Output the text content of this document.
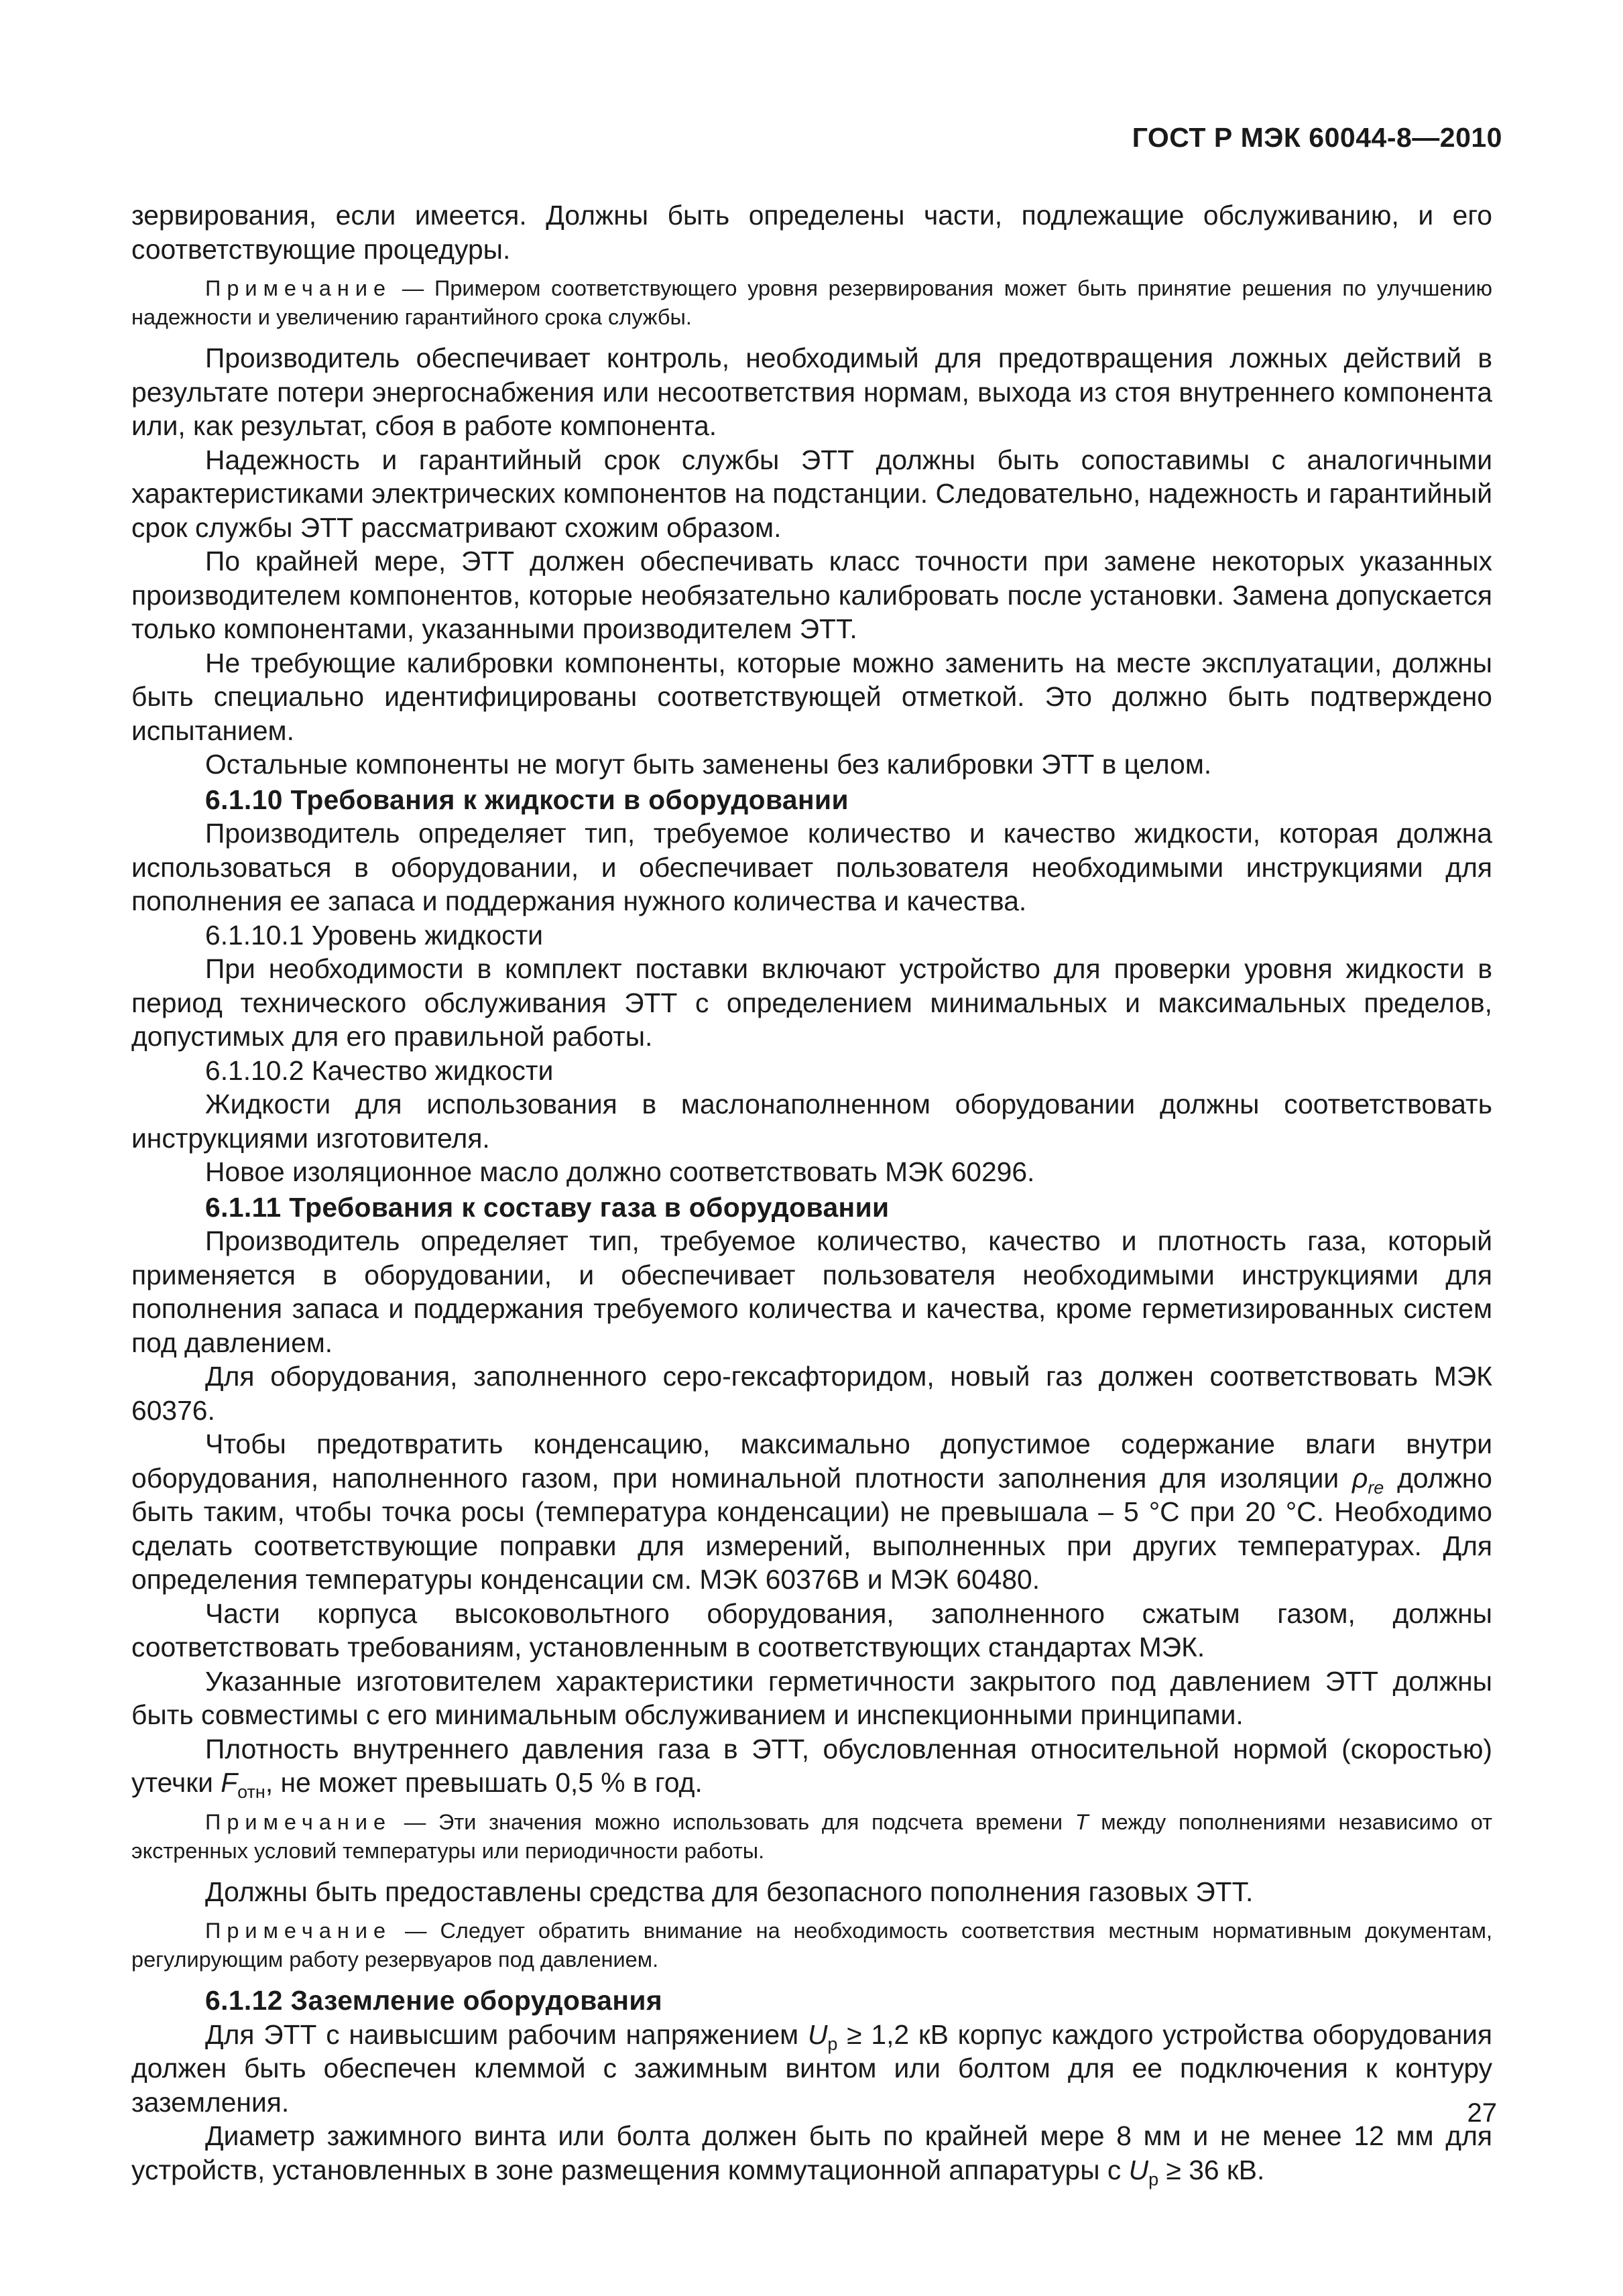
ГОСТ Р МЭК 60044-8—2010

зервирования, если имеется. Должны быть определены части, подлежащие обслуживанию, и его соответствующие процедуры.

Примечание — Примером соответствующего уровня резервирования может быть принятие решения по улучшению надежности и увеличению гарантийного срока службы.

Производитель обеспечивает контроль, необходимый для предотвращения ложных действий в результате потери энергоснабжения или несоответствия нормам, выхода из стоя внутреннего компонента или, как результат, сбоя в работе компонента.

Надежность и гарантийный срок службы ЭТТ должны быть сопоставимы с аналогичными характеристиками электрических компонентов на подстанции. Следовательно, надежность и гарантийный срок службы ЭТТ рассматривают схожим образом.

По крайней мере, ЭТТ должен обеспечивать класс точности при замене некоторых указанных производителем компонентов, которые необязательно калибровать после установки. Замена допускается только компонентами, указанными производителем ЭТТ.

Не требующие калибровки компоненты, которые можно заменить на месте эксплуатации, должны быть специально идентифицированы соответствующей отметкой. Это должно быть подтверждено испытанием.

Остальные компоненты не могут быть заменены без калибровки ЭТТ в целом.

6.1.10 Требования к жидкости в оборудовании

Производитель определяет тип, требуемое количество и качество жидкости, которая должна использоваться в оборудовании, и обеспечивает пользователя необходимыми инструкциями для пополнения ее запаса и поддержания нужного количества и качества.

6.1.10.1 Уровень жидкости

При необходимости в комплект поставки включают устройство для проверки уровня жидкости в период технического обслуживания ЭТТ с определением минимальных и максимальных пределов, допустимых для его правильной работы.

6.1.10.2 Качество жидкости

Жидкости для использования в маслонаполненном оборудовании должны соответствовать инструкциями изготовителя.

Новое изоляционное масло должно соответствовать МЭК 60296.

6.1.11 Требования к составу газа в оборудовании

Производитель определяет тип, требуемое количество, качество и плотность газа, который применяется в оборудовании, и обеспечивает пользователя необходимыми инструкциями для пополнения запаса и поддержания требуемого количества и качества, кроме герметизированных систем под давлением.

Для оборудования, заполненного серо-гексафторидом, новый газ должен соответствовать МЭК 60376.

Чтобы предотвратить конденсацию, максимально допустимое содержание влаги внутри оборудования, наполненного газом, при номинальной плотности заполнения для изоляции $\rho_{re}$ должно быть таким, чтобы точка росы (температура конденсации) не превышала – 5 °С при 20 °С. Необходимо сделать соответствующие поправки для измерений, выполненных при других температурах. Для определения температуры конденсации см. МЭК 60376В и МЭК 60480.

Части корпуса высоковольтного оборудования, заполненного сжатым газом, должны соответствовать требованиям, установленным в соответствующих стандартах МЭК.

Указанные изготовителем характеристики герметичности закрытого под давлением ЭТТ должны быть совместимы с его минимальным обслуживанием и инспекционными принципами.

Плотность внутреннего давления газа в ЭТТ, обусловленная относительной нормой (скоростью) утечки $F_{отн}$, не может превышать 0,5 % в год.

Примечание — Эти значения можно использовать для подсчета времени T между пополнениями независимо от экстренных условий температуры или периодичности работы.

Должны быть предоставлены средства для безопасного пополнения газовых ЭТТ.

Примечание — Следует обратить внимание на необходимость соответствия местным нормативным документам, регулирующим работу резервуаров под давлением.

6.1.12 Заземление оборудования

Для ЭТТ с наивысшим рабочим напряжением $U_р \ge 1,2$ кВ корпус каждого устройства оборудования должен быть обеспечен клеммой с зажимным винтом или болтом для ее подключения к контуру заземления.

Диаметр зажимного винта или болта должен быть по крайней мере 8 мм и не менее 12 мм для устройств, установленных в зоне размещения коммутационной аппаратуры с $U_р \ge 36$ кВ.

27
